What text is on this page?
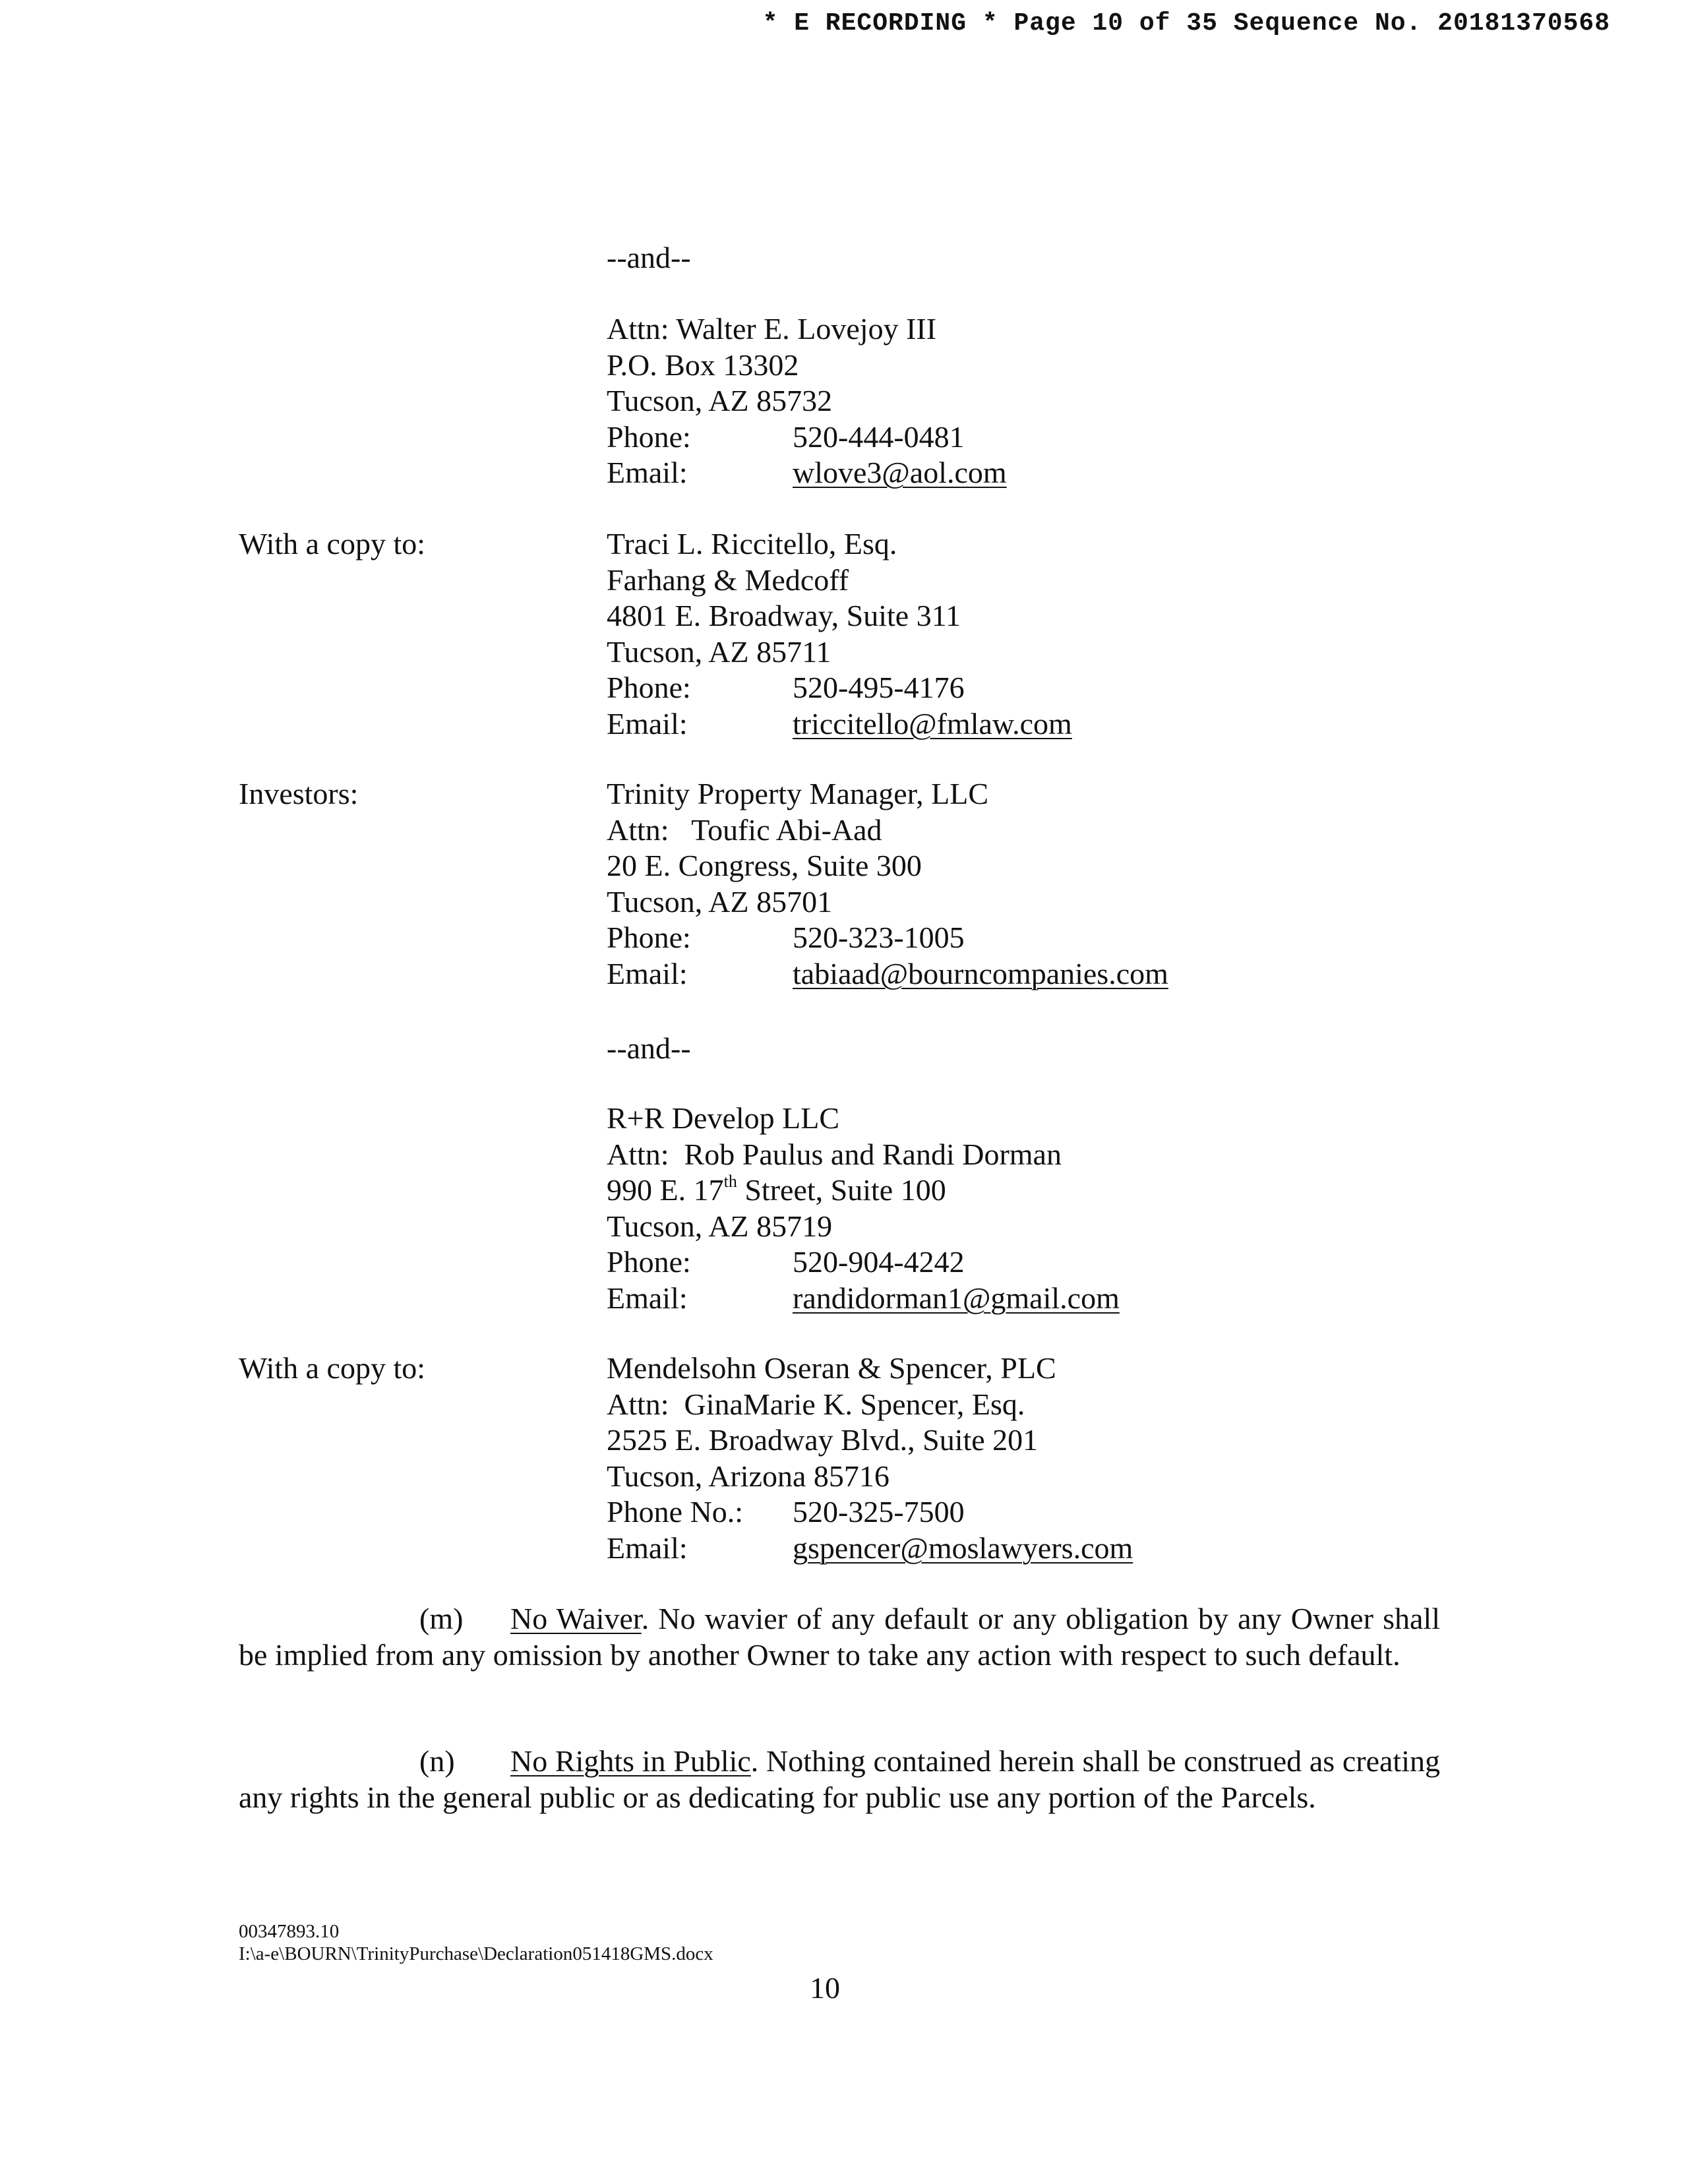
* E RECORDING * Page 10 of 35 Sequence No. 20181370568
--and--
Attn: Walter E. Lovejoy III
P.O. Box 13302
Tucson, AZ 85732
Phone:	520-444-0481
Email:	wlove3@aol.com
With a copy to:	Traci L. Riccitello, Esq.
Farhang & Medcoff
4801 E. Broadway, Suite 311
Tucson, AZ 85711
Phone:	520-495-4176
Email:	triccitello@fmlaw.com
Investors:	Trinity Property Manager, LLC
Attn:   Toufic Abi-Aad
20 E. Congress, Suite 300
Tucson, AZ 85701
Phone:	520-323-1005
Email:	tabiaad@bourncompanies.com
--and--
R+R Develop LLC
Attn:  Rob Paulus and Randi Dorman
990 E. 17th Street, Suite 100
Tucson, AZ 85719
Phone:	520-904-4242
Email:	randidorman1@gmail.com
With a copy to:	Mendelsohn Oseran & Spencer, PLC
Attn:  GinaMarie K. Spencer, Esq.
2525 E. Broadway Blvd., Suite 201
Tucson, Arizona 85716
Phone No.: 520-325-7500
Email:	gspencer@moslawyers.com
(m) No Waiver. No wavier of any default or any obligation by any Owner shall be implied from any omission by another Owner to take any action with respect to such default.
(n) No Rights in Public. Nothing contained herein shall be construed as creating any rights in the general public or as dedicating for public use any portion of the Parcels.
00347893.10
I:\a-e\BOURN\TrinityPurchase\Declaration051418GMS.docx
10
